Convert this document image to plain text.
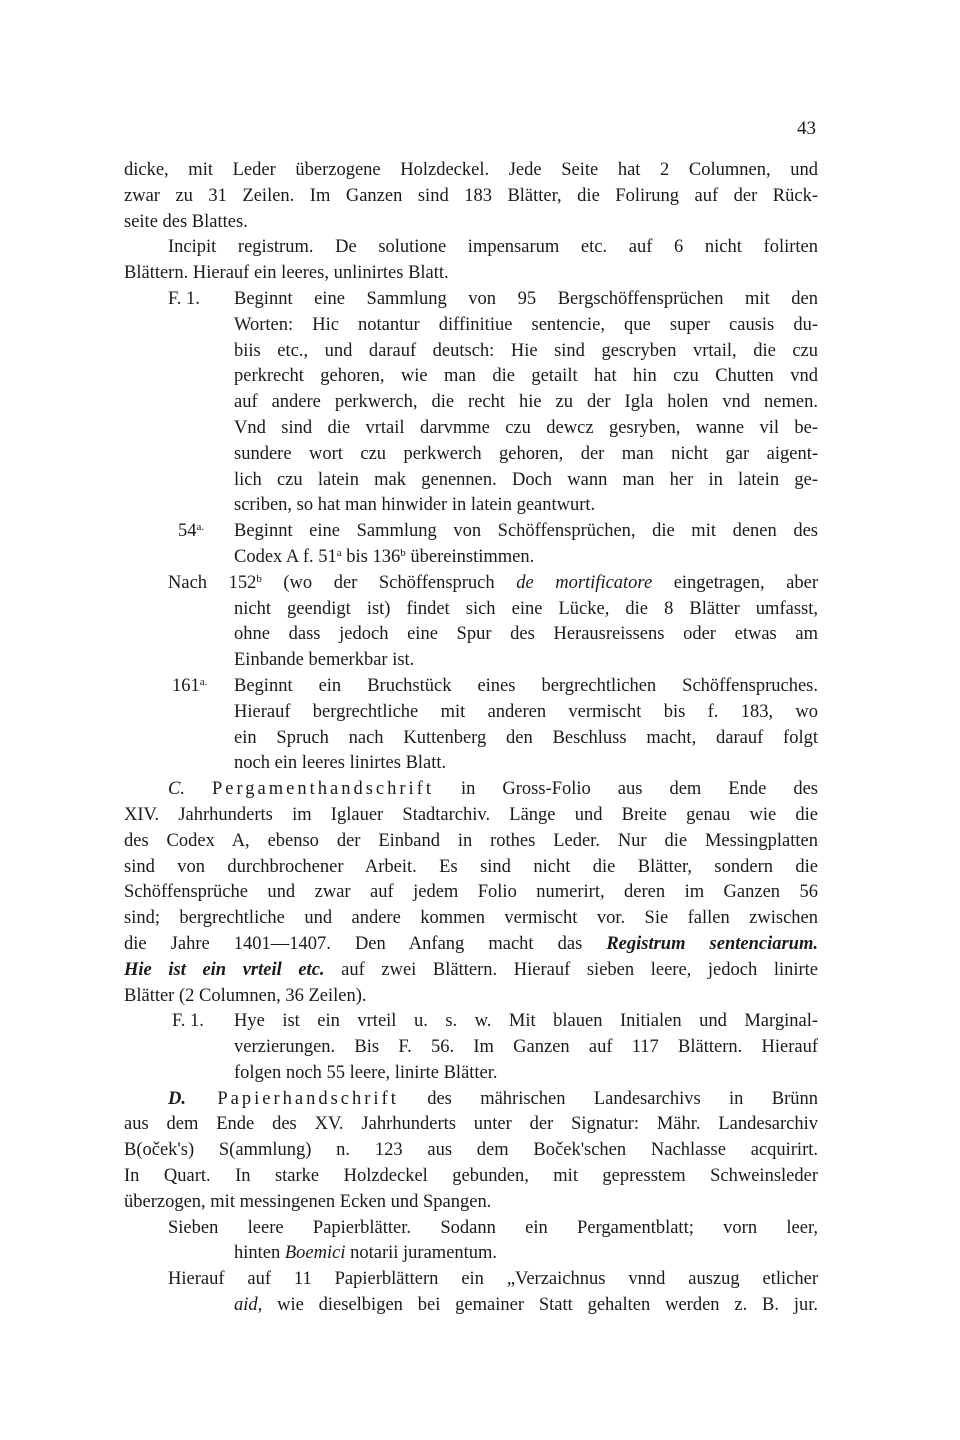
43
dicke, mit Leder überzogene Holzdeckel. Jede Seite hat 2 Columnen, und
zwar zu 31 Zeilen. Im Ganzen sind 183 Blätter, die Folirung auf der Rück-
seite des Blattes.
Incipit registrum. De solutione impensarum etc. auf 6 nicht folirten
Blättern. Hierauf ein leeres, unlinirtes Blatt.
F. 1.	Beginnt eine Sammlung von 95 Bergschöffensprüchen mit den
Worten: Hic notantur diffinitiue sentencie, que super causis du-
biis etc., und darauf deutsch: Hie sind gescryben vrtail, die czu
perkrecht gehoren, wie man die getailt hat hin czu Chutten vnd
auf andere perkwerch, die recht hie zu der Igla holen vnd nemen.
Vnd sind die vrtail darvmme czu dewcz gesryben, wanne vil be-
sundere wort czu perkwerch gehoren, der man nicht gar aigent-
lich czu latein mak genennen. Doch wann man her in latein ge-
scriben, so hat man hinwider in latein geantwurt.
$54^{a.}$	Beginnt eine Sammlung von Schöffensprüchen, die mit denen des
Codex A f. 51$^a$ bis 136$^b$ übereinstimmen.
Nach 152$^b$ (wo der Schöffenspruch de mortificatore eingetragen, aber
nicht geendigt ist) findet sich eine Lücke, die 8 Blätter umfasst,
ohne dass jedoch eine Spur des Herausreissens oder etwas am
Einbande bemerkbar ist.
$161^{a.}$	Beginnt ein Bruchstück eines bergrechtlichen Schöffenspruches.
Hierauf bergrechtliche mit anderen vermischt bis f. 183, wo
ein Spruch nach Kuttenberg den Beschluss macht, darauf folgt
noch ein leeres linirtes Blatt.
C. Pergamenthandschrift in Gross-Folio aus dem Ende des
XIV. Jahrhunderts im Iglauer Stadtarchiv. Länge und Breite genau wie die
des Codex A, ebenso der Einband in rothes Leder. Nur die Messingplatten
sind von durchbrochener Arbeit. Es sind nicht die Blätter, sondern die
Schöffensprüche und zwar auf jedem Folio numerirt, deren im Ganzen 56
sind; bergrechtliche und andere kommen vermischt vor. Sie fallen zwischen
die Jahre 1401—1407. Den Anfang macht das Registrum sentenciarum.
Hie ist ein vrteil etc. auf zwei Blättern. Hierauf sieben leere, jedoch linirte
Blätter (2 Columnen, 36 Zeilen).
F. 1.	Hye ist ein vrteil u. s. w. Mit blauen Initialen und Marginal-
verzierungen. Bis F. 56. Im Ganzen auf 117 Blättern. Hierauf
folgen noch 55 leere, linirte Blätter.
D. Papierhandschrift des mährischen Landesarchivs in Brünn
aus dem Ende des XV. Jahrhunderts unter der Signatur: Mähr. Landesarchiv
B(oček's) S(ammlung) n. 123 aus dem Boček'schen Nachlasse acquirirt.
In Quart. In starke Holzdeckel gebunden, mit gepresstem Schweinsleder
überzogen, mit messingenen Ecken und Spangen.
Sieben leere Papierblätter. Sodann ein Pergamentblatt; vorn leer,
hinten Boemici notarii juramentum.
Hierauf auf 11 Papierblättern ein „Verzaichnus vnnd auszug etlicher
aid, wie dieselbigen bei gemainer Statt gehalten werden z. B. jur.
